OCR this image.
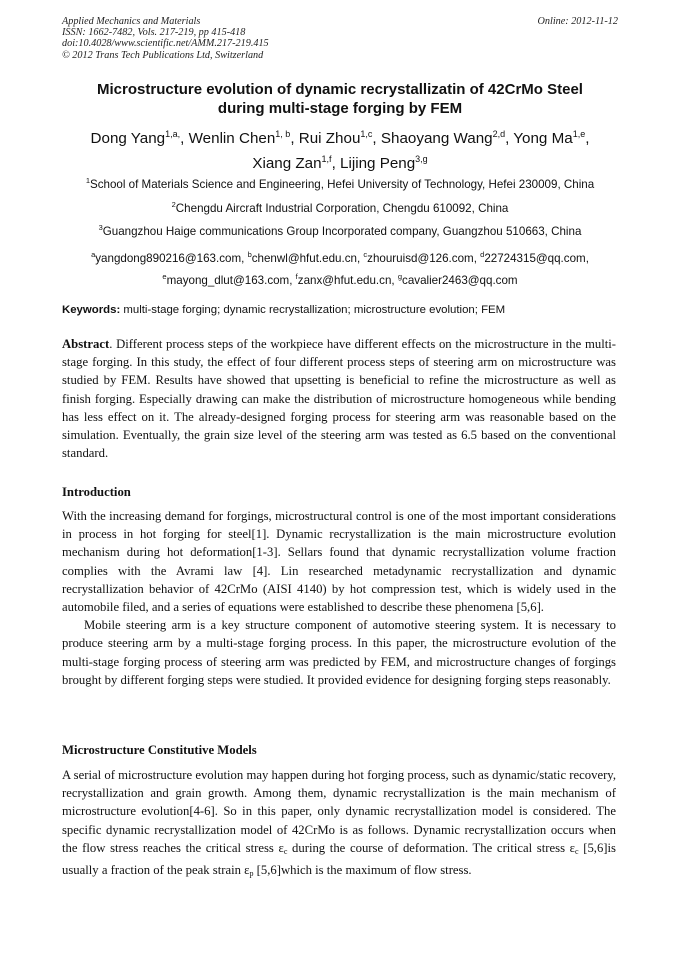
Applied Mechanics and Materials
ISSN: 1662-7482, Vols. 217-219, pp 415-418
doi:10.4028/www.scientific.net/AMM.217-219.415
© 2012 Trans Tech Publications Ltd, Switzerland
Online: 2012-11-12
Microstructure evolution of dynamic recrystallizatin of 42CrMo Steel
during multi-stage forging by FEM
Dong Yang$^{1,a,}$, Wenlin Chen$^{1, b}$, Rui Zhou$^{1,c}$, Shaoyang Wang$^{2,d}$, Yong Ma$^{1,e}$,
Xiang Zan$^{1,f}$, Lijing Peng$^{3,g}$
$^1$School of Materials Science and Engineering, Hefei University of Technology, Hefei 230009, China
$^2$Chengdu Aircraft Industrial Corporation, Chengdu 610092, China
$^3$Guangzhou Haige communications Group Incorporated company, Guangzhou 510663, China
$^a$yangdong890216@163.com, $^b$chenwl@hfut.edu.cn, $^c$zhouruisd@126.com, $^d$22724315@qq.com,
$^e$mayong_dlut@163.com, $^f$zanx@hfut.edu.cn, $^g$cavalier2463@qq.com
Keywords: multi-stage forging; dynamic recrystallization; microstructure evolution; FEM
Abstract. Different process steps of the workpiece have different effects on the microstructure in the multi-stage forging. In this study, the effect of four different process steps of steering arm on microstructure was studied by FEM. Results have showed that upsetting is beneficial to refine the microstructure as well as finish forging. Especially drawing can make the distribution of microstructure homogeneous while bending has less effect on it. The already-designed forging process for steering arm was reasonable based on the simulation. Eventually, the grain size level of the steering arm was tested as 6.5 based on the conventional standard.
Introduction

With the increasing demand for forgings, microstructural control is one of the most important considerations in process in hot forging for steel[1]. Dynamic recrystallization is the main microstructure evolution mechanism during hot deformation[1-3]. Sellars found that dynamic recrystallization volume fraction complies with the Avrami law [4]. Lin researched metadynamic recrystallization and dynamic recrystallization behavior of 42CrMo (AISI 4140) by hot compression test, which is widely used in the automobile filed, and a series of equations were established to describe these phenomena [5,6].

Mobile steering arm is a key structure component of automotive steering system. It is necessary to produce steering arm by a multi-stage forging process. In this paper, the microstructure evolution of the multi-stage forging process of steering arm was predicted by FEM, and microstructure changes of forgings brought by different forging steps were studied. It provided evidence for designing forging steps reasonably.

Microstructure Constitutive Models
A serial of microstructure evolution may happen during hot forging process, such as dynamic/static recovery, recrystallization and grain growth. Among them, dynamic recrystallization is the main mechanism of microstructure evolution[4-6]. So in this paper, only dynamic recrystallization model is considered. The specific dynamic recrystallization model of 42CrMo is as follows. Dynamic recrystallization occurs when the flow stress reaches the critical stress $\varepsilon_c$ during the course of deformation. The critical stress $\varepsilon_c$ [5,6]is usually a fraction of the peak strain $\varepsilon_p$ [5,6]which is the maximum of flow stress.
